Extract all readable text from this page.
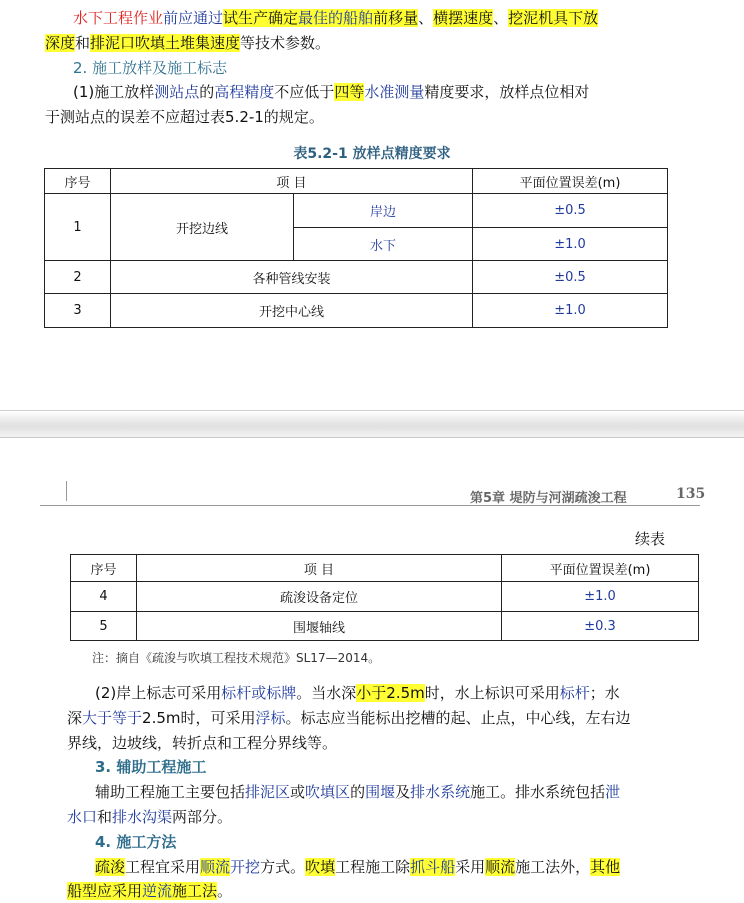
水下工程作业前应通过试生产确定最佳的船舶前移量、横摆速度、挖泥机具下放
深度和排泥口吹填土堆集速度等技术参数。
2. 施工放样及施工标志
(1)施工放样测站点的高程精度不应低于四等水准测量精度要求，放样点位相对
于测站点的误差不应超过表5.2-1的规定。
表5.2-1 放样点精度要求
序号	项 目		平面位置误差(m)
1	开挖边线	岸边	±0.5
		水下	±1.0
2	各种管线安装		±0.5
3	开挖中心线		±1.0
第5章 堤防与河湖疏浚工程	135
续表
序号	项 目	平面位置误差(m)
4	疏浚设备定位	±1.0
5	围堰轴线	±0.3
注：摘自《疏浚与吹填工程技术规范》SL17—2014。
(2)岸上标志可采用标杆或标牌。当水深小于2.5m时，水上标识可采用标杆；水
深大于等于2.5m时，可采用浮标。标志应当能标出挖槽的起、止点，中心线，左右边
界线，边坡线，转折点和工程分界线等。
3. 辅助工程施工
辅助工程施工主要包括排泥区或吹填区的围堰及排水系统施工。排水系统包括泄
水口和排水沟渠两部分。
4. 施工方法
疏浚工程宜采用顺流开挖方式。吹填工程施工除抓斗船采用顺流施工法外，其他
船型应采用逆流施工法。
